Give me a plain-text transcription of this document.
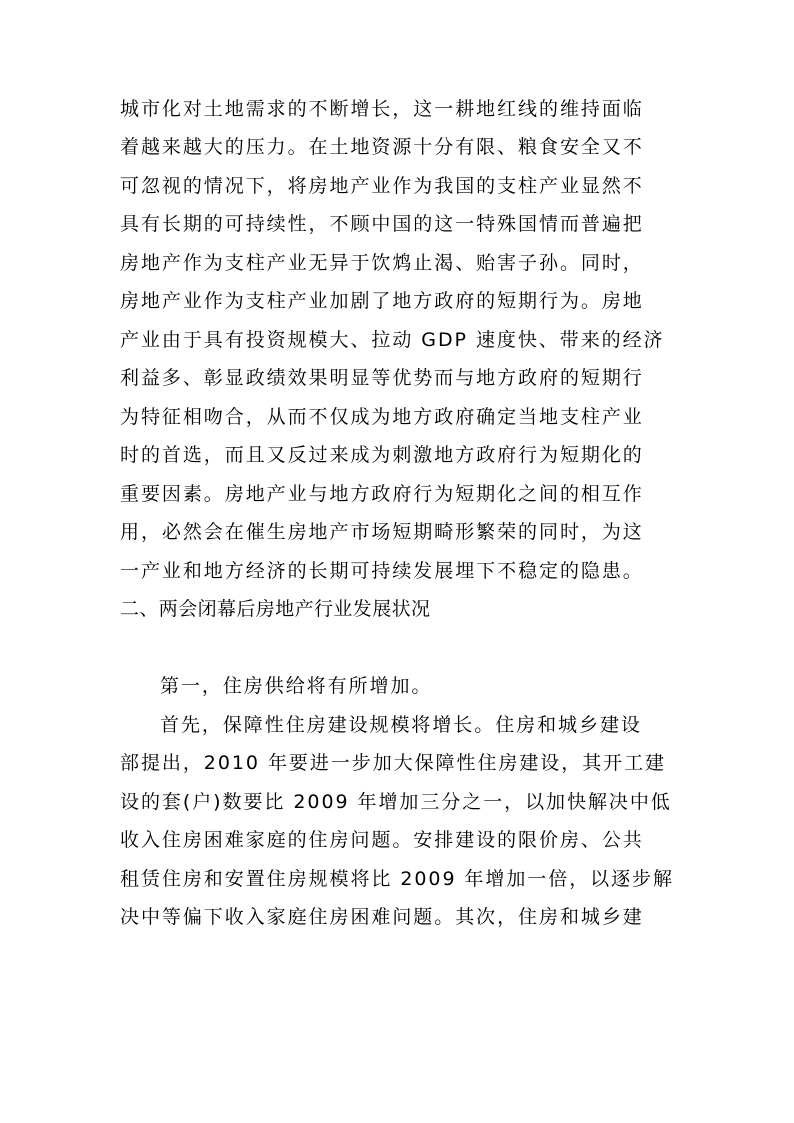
城市化对土地需求的不断增长，这一耕地红线的维持面临
着越来越大的压力。在土地资源十分有限、粮食安全又不
可忽视的情况下，将房地产业作为我国的支柱产业显然不
具有长期的可持续性，不顾中国的这一特殊国情而普遍把
房地产作为支柱产业无异于饮鸩止渴、贻害子孙。同时，
房地产业作为支柱产业加剧了地方政府的短期行为。房地
产业由于具有投资规模大、拉动 GDP 速度快、带来的经济
利益多、彰显政绩效果明显等优势而与地方政府的短期行
为特征相吻合，从而不仅成为地方政府确定当地支柱产业
时的首选，而且又反过来成为刺激地方政府行为短期化的
重要因素。房地产业与地方政府行为短期化之间的相互作
用，必然会在催生房地产市场短期畸形繁荣的同时，为这
一产业和地方经济的长期可持续发展埋下不稳定的隐患。
二、两会闭幕后房地产行业发展状况
第一，住房供给将有所增加。
首先，保障性住房建设规模将增长。住房和城乡建设
部提出，2010 年要进一步加大保障性住房建设，其开工建
设的套(户)数要比 2009 年增加三分之一，以加快解决中低
收入住房困难家庭的住房问题。安排建设的限价房、公共
租赁住房和安置住房规模将比 2009 年增加一倍，以逐步解
决中等偏下收入家庭住房困难问题。其次，住房和城乡建
